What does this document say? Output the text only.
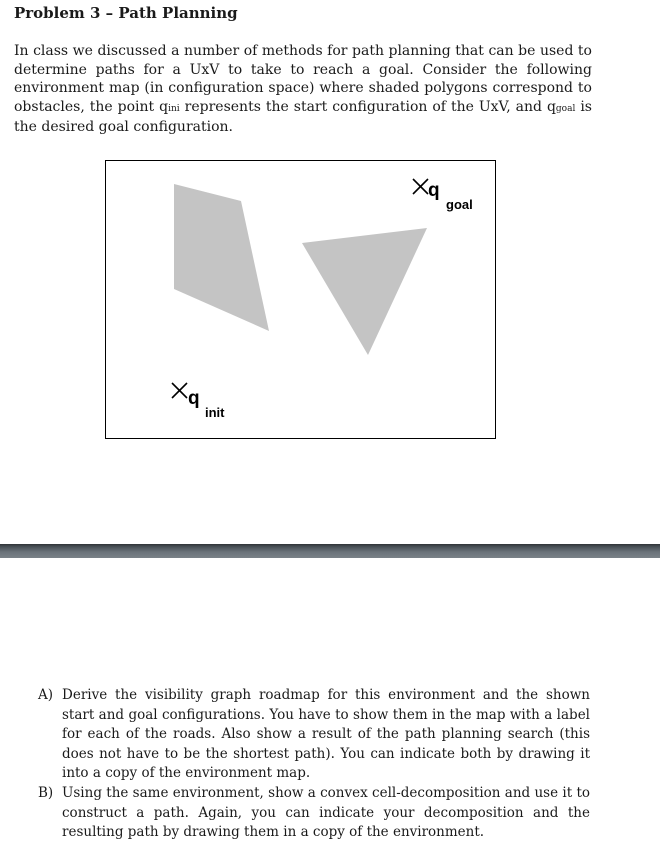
Problem 3 – Path Planning

In class we discussed a number of methods for path planning that can be used to determine paths for a UxV to take to reach a goal. Consider the following environment map (in configuration space) where shaded polygons correspond to obstacles, the point qini represents the start configuration of the UxV, and qgoal is the desired goal configuration.

q
goal
q
init
A) Derive the visibility graph roadmap for this environment and the shown start and goal configurations. You have to show them in the map with a label for each of the roads. Also show a result of the path planning search (this does not have to be the shortest path). You can indicate both by drawing it into a copy of the environment map.
B) Using the same environment, show a convex cell-decomposition and use it to construct a path. Again, you can indicate your decomposition and the resulting path by drawing them in a copy of the environment.
